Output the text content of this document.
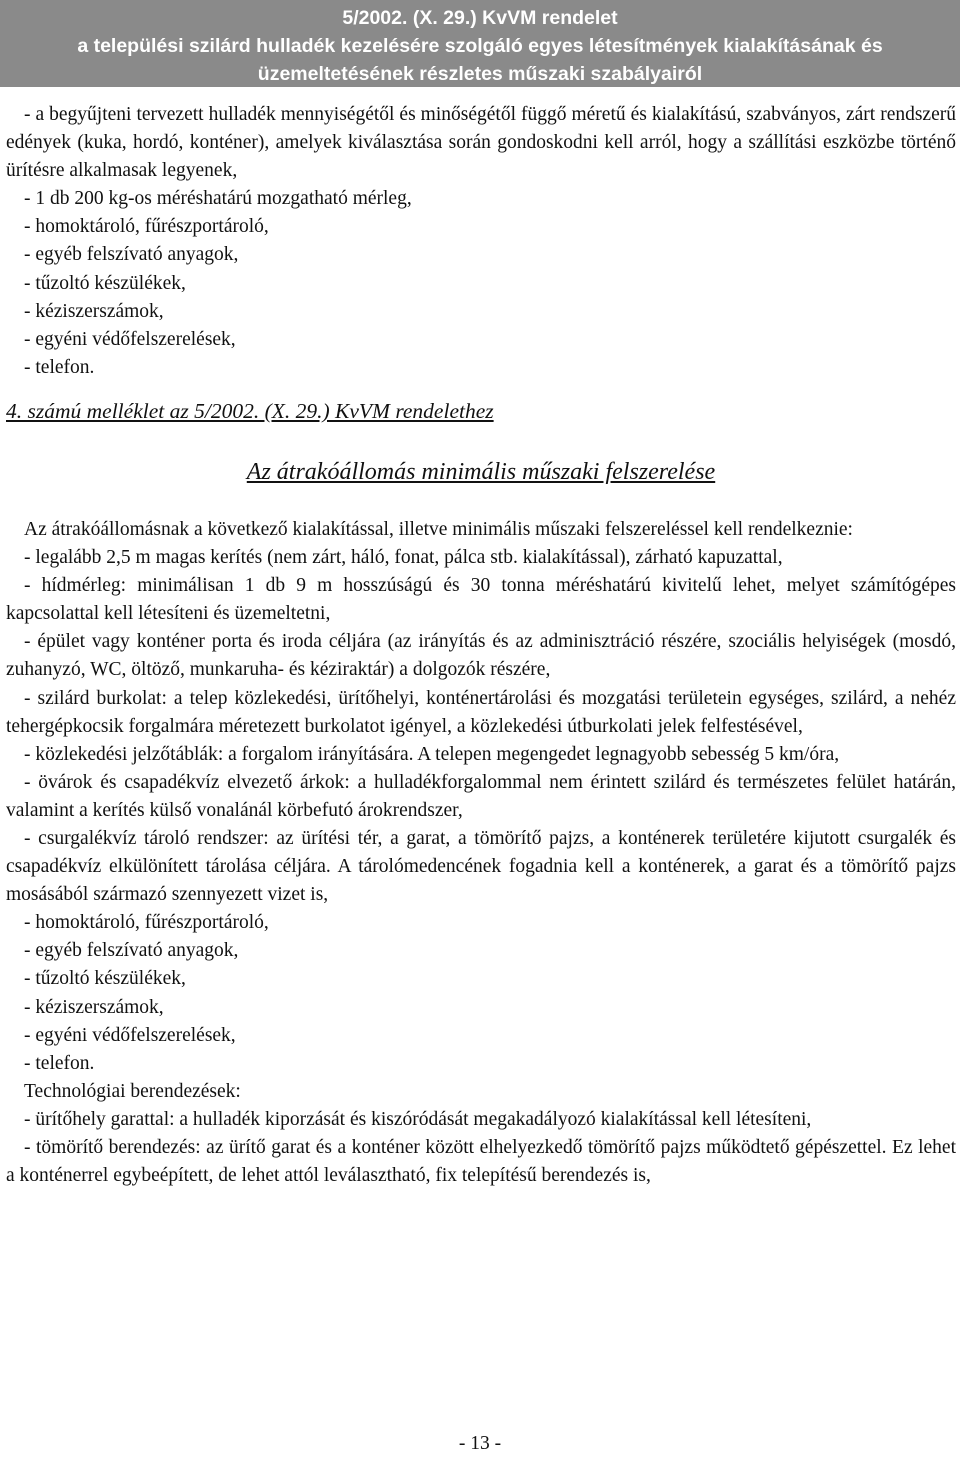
5/2002. (X. 29.) KvVM rendelet
a települési szilárd hulladék kezelésére szolgáló egyes létesítmények kialakításának és
üzemeltetésének részletes műszaki szabályairól

- a begyűjteni tervezett hulladék mennyiségétől és minőségétől függő méretű és kialakítású, szabványos, zárt rendszerű edények (kuka, hordó, konténer), amelyek kiválasztása során gondoskodni kell arról, hogy a szállítási eszközbe történő ürítésre alkalmasak legyenek,

- 1 db 200 kg-os méréshatárú mozgatható mérleg,

- homoktároló, fűrészportároló,

- egyéb felszívató anyagok,

- tűzoltó készülékek,

- kéziszerszámok,

- egyéni védőfelszerelések,

- telefon.

4. számú melléklet az 5/2002. (X. 29.) KvVM rendelethez

Az átrakóállomás minimális műszaki felszerelése

Az átrakóállomásnak a következő kialakítással, illetve minimális műszaki felszereléssel kell rendelkeznie:

- legalább 2,5 m magas kerítés (nem zárt, háló, fonat, pálca stb. kialakítással), zárható kapuzattal,

- hídmérleg: minimálisan 1 db 9 m hosszúságú és 30 tonna méréshatárú kivitelű lehet, melyet számítógépes kapcsolattal kell létesíteni és üzemeltetni,

- épület vagy konténer porta és iroda céljára (az irányítás és az adminisztráció részére, szociális helyiségek (mosdó, zuhanyzó, WC, öltöző, munkaruha- és kéziraktár) a dolgozók részére,

- szilárd burkolat: a telep közlekedési, ürítőhelyi, konténertárolási és mozgatási területein egységes, szilárd, a nehéz tehergépkocsik forgalmára méretezett burkolatot igényel, a közlekedési útburkolati jelek felfestésével,

- közlekedési jelzőtáblák: a forgalom irányítására. A telepen megengedet legnagyobb sebesség 5 km/óra,

- övárok és csapadékvíz elvezető árkok: a hulladékforgalommal nem érintett szilárd és természetes felület határán, valamint a kerítés külső vonalánál körbefutó árokrendszer,

- csurgalékvíz tároló rendszer: az ürítési tér, a garat, a tömörítő pajzs, a konténerek területére kijutott csurgalék és csapadékvíz elkülönített tárolása céljára. A tárolómedencének fogadnia kell a konténerek, a garat és a tömörítő pajzs mosásából származó szennyezett vizet is,

- homoktároló, fűrészportároló,

- egyéb felszívató anyagok,

- tűzoltó készülékek,

- kéziszerszámok,

- egyéni védőfelszerelések,

- telefon.

Technológiai berendezések:

- ürítőhely garattal: a hulladék kiporzását és kiszóródását megakadályozó kialakítással kell létesíteni,

- tömörítő berendezés: az ürítő garat és a konténer között elhelyezkedő tömörítő pajzs működtető gépészettel. Ez lehet a konténerrel egybeépített, de lehet attól leválasztható, fix telepítésű berendezés is,

- 13 -
